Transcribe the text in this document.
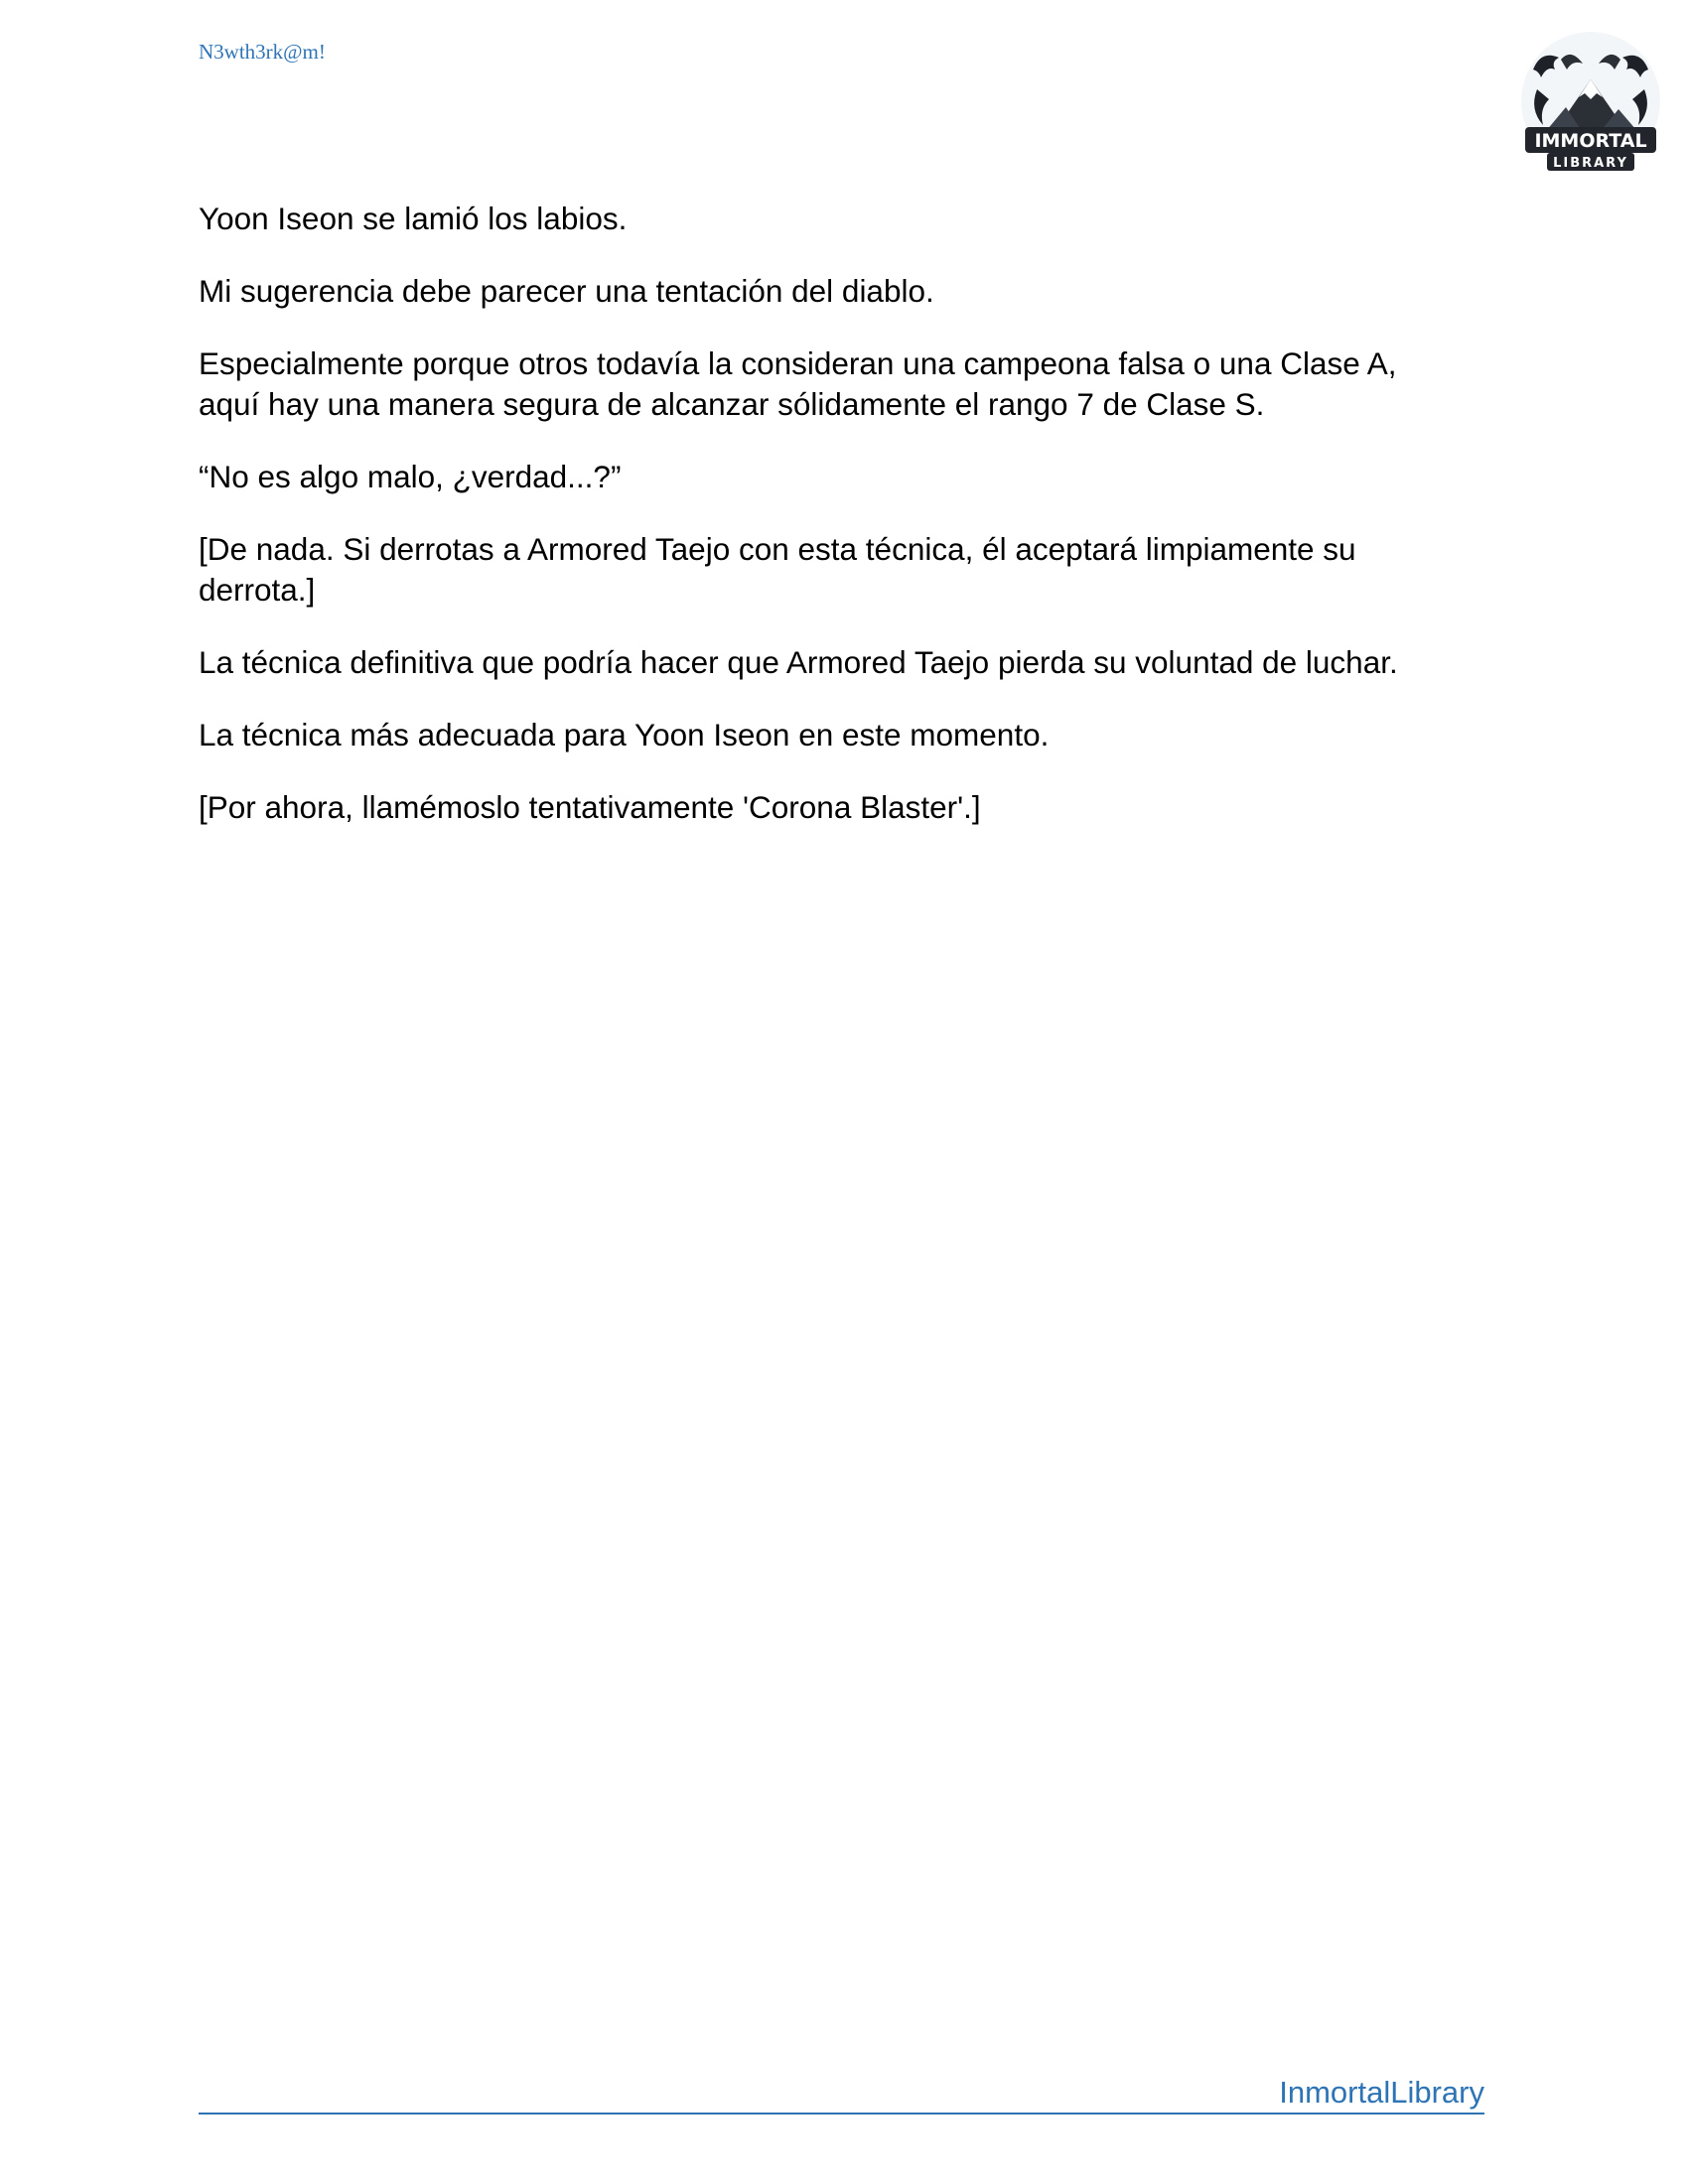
N3wth3rk@m!
IMMORTAL
LIBRARY

Yoon Iseon se lamió los labios.

Mi sugerencia debe parecer una tentación del diablo.

Especialmente porque otros todavía la consideran una campeona falsa o una Clase A,
aquí hay una manera segura de alcanzar sólidamente el rango 7 de Clase S.

“No es algo malo, ¿verdad...?”

[De nada. Si derrotas a Armored Taejo con esta técnica, él aceptará limpiamente su
derrota.]

La técnica definitiva que podría hacer que Armored Taejo pierda su voluntad de luchar.

La técnica más adecuada para Yoon Iseon en este momento.

[Por ahora, llamémoslo tentativamente 'Corona Blaster'.]

InmortalLibrary
